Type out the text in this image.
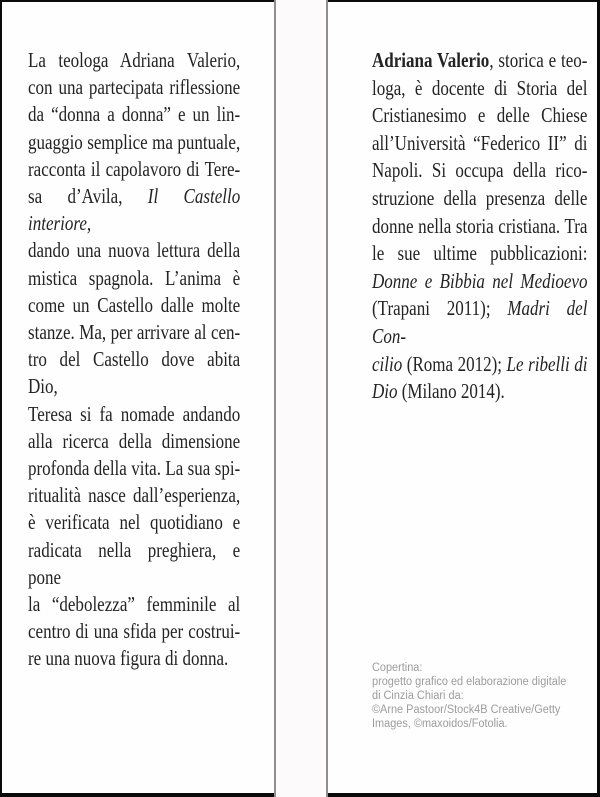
La teologa Adriana Valerio,
con una partecipata riflessione
da “donna a donna” e un lin-
guaggio semplice ma puntuale,
racconta il capolavoro di Tere-
sa d’Avila, Il Castello interiore,
dando una nuova lettura della
mistica spagnola. L’anima è
come un Castello dalle molte
stanze. Ma, per arrivare al cen-
tro del Castello dove abita Dio,
Teresa si fa nomade andando
alla ricerca della dimensione
profonda della vita. La sua spi-
ritualità nasce dall’esperienza,
è verificata nel quotidiano e
radicata nella preghiera, e pone
la “debolezza” femminile al
centro di una sfida per costrui-
re una nuova figura di donna.
Adriana Valerio, storica e teo-
loga, è docente di Storia del
Cristianesimo e delle Chiese
all’Università “Federico II” di
Napoli. Si occupa della rico-
struzione della presenza delle
donne nella storia cristiana. Tra
le sue ultime pubblicazioni:
Donne e Bibbia nel Medioevo
(Trapani 2011); Madri del Con-
cilio (Roma 2012); Le ribelli di
Dio (Milano 2014).
Copertina:
progetto grafico ed elaborazione digitale
di Cinzia Chiari da:
©Arne Pastoor/Stock4B Creative/Getty
Images, ©maxoidos/Fotolia.
